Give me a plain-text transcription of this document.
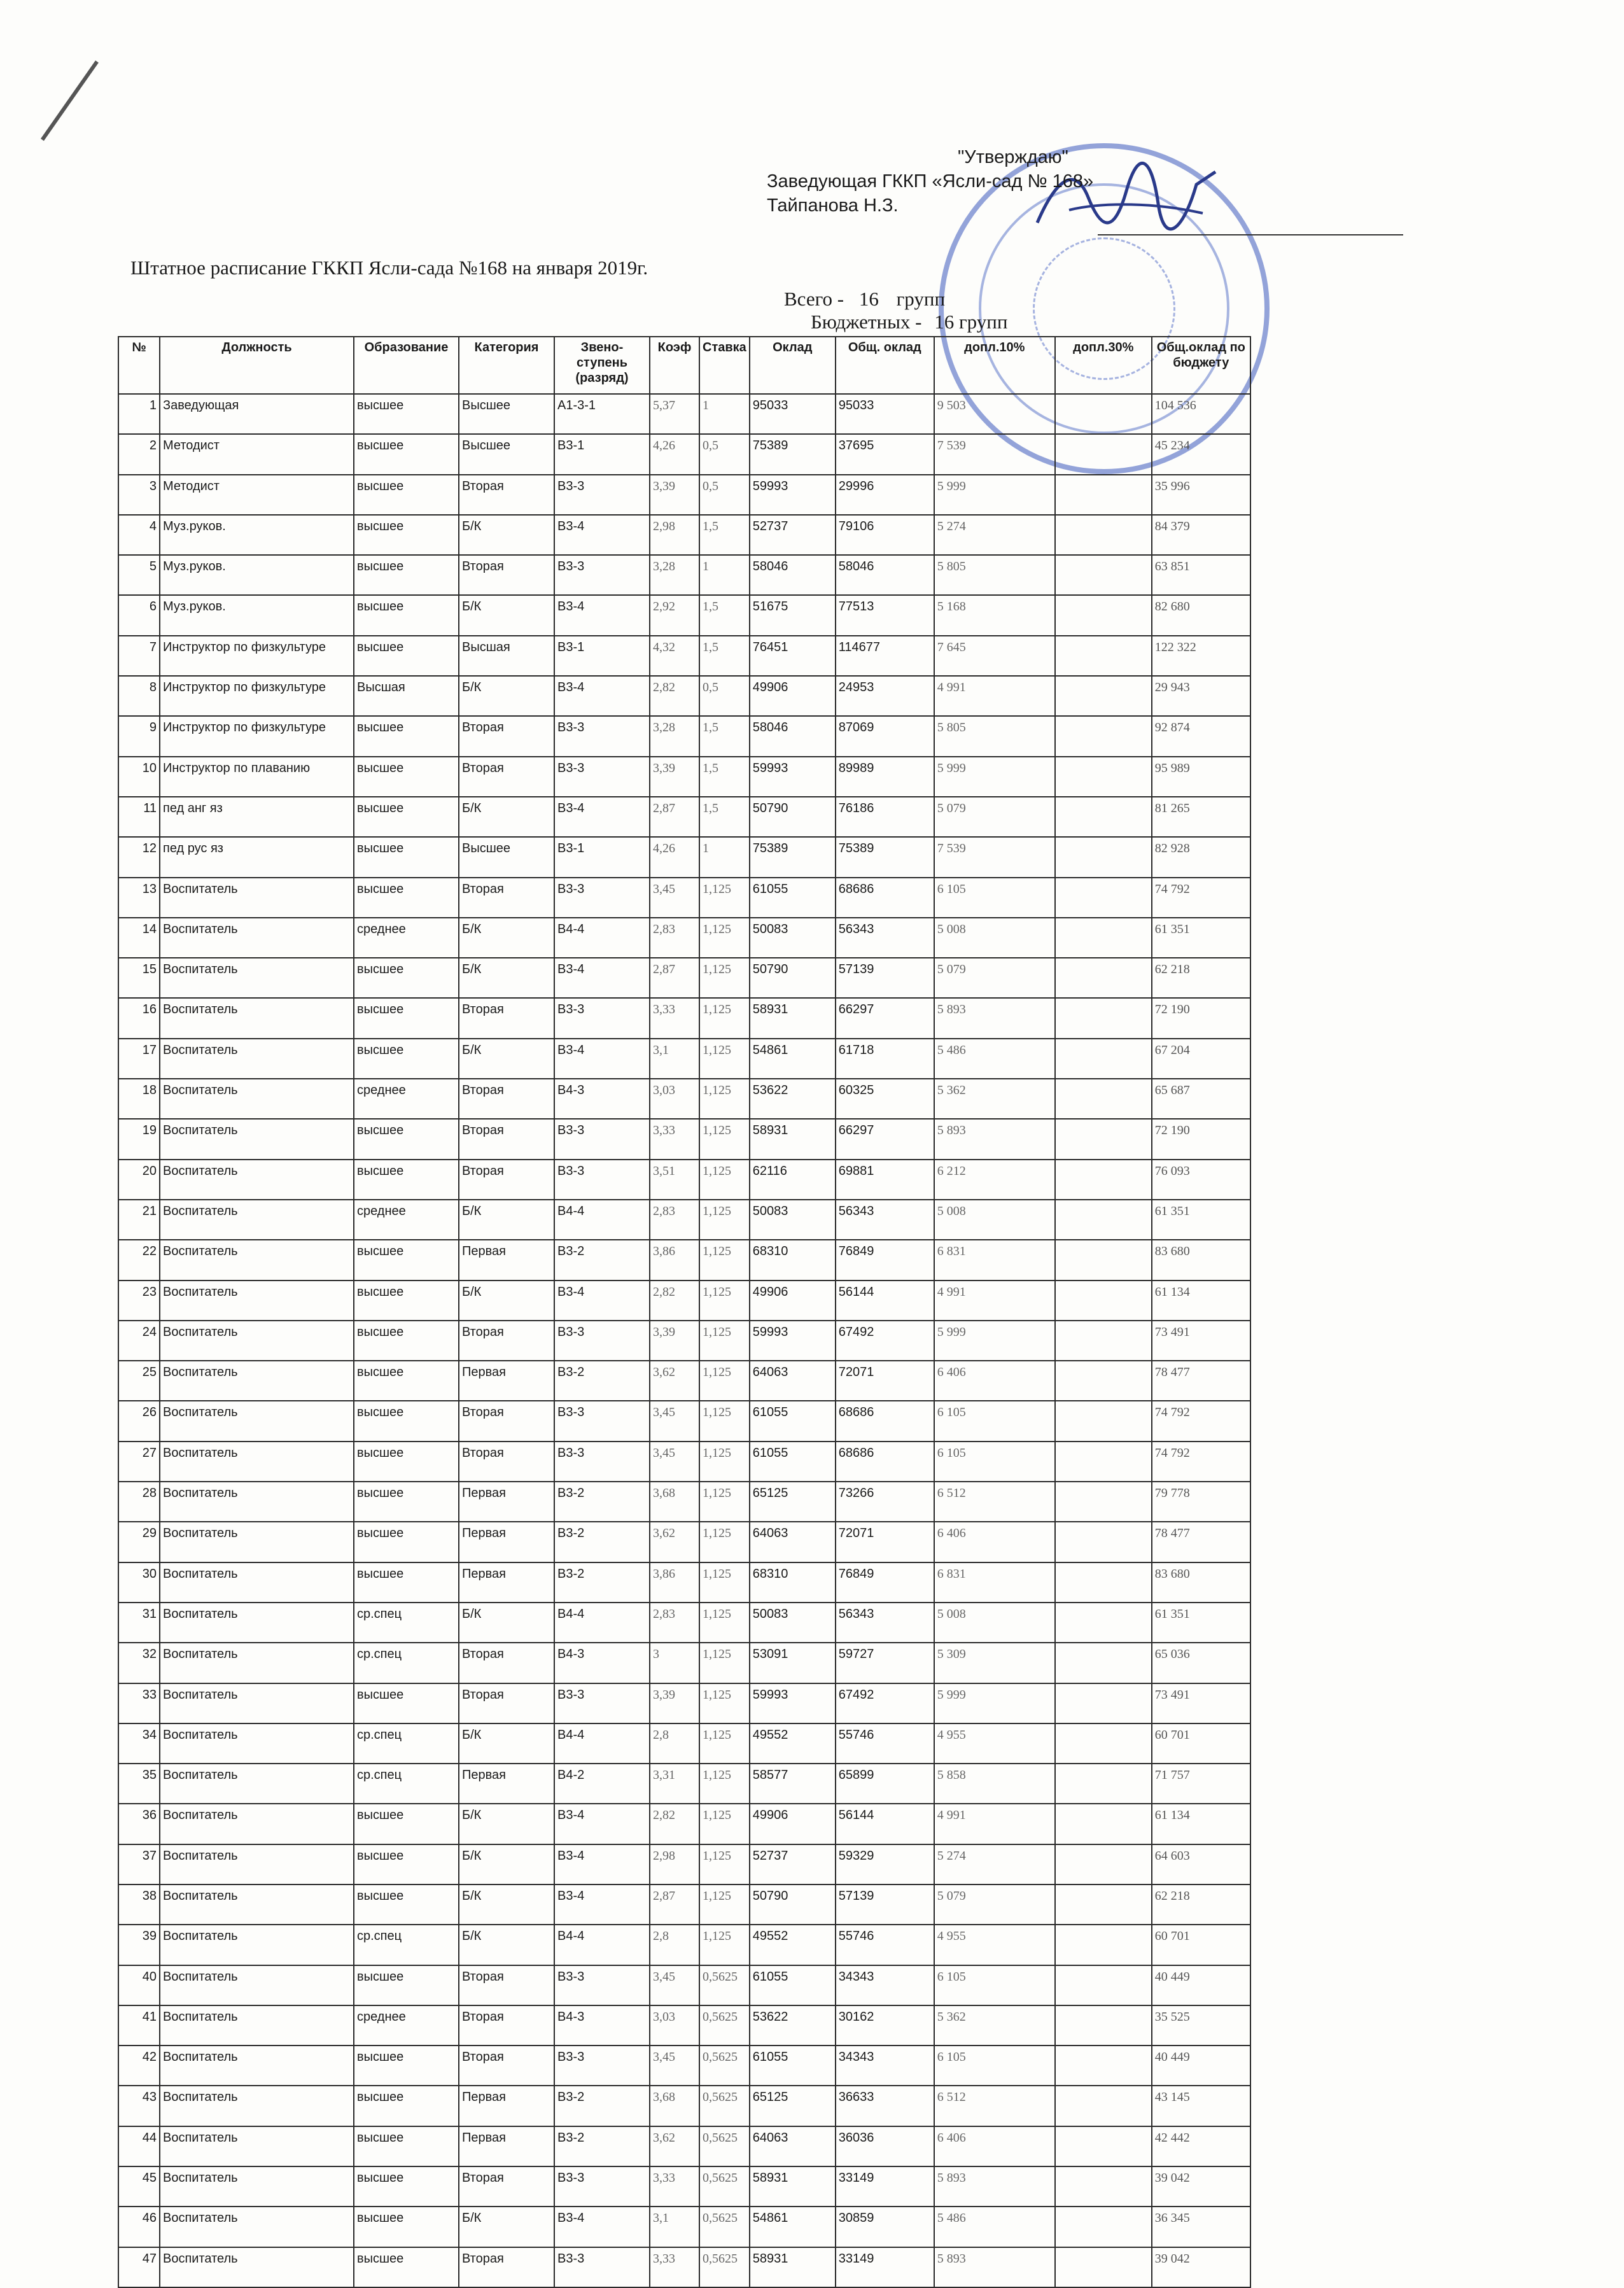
"Утверждаю"
Заведующая ГККП «Ясли-сад № 168»
Тайпанова Н.З.
Штатное расписание ГККП Ясли-сада №168 на января 2019г.
Всего - 16 групп
Бюджетных - 16 групп
№	Должность	Образование	Категория	Звено-ступень (разряд)	Коэф	Ставка	Оклад	Общ. оклад	допл.10%	допл.30%	Общ.оклад по бюджету
1	Заведующая	высшее	Высшее	А1-3-1	5,37	1	95033	95033	9 503		104 536
2	Методист	высшее	Высшее	В3-1	4,26	0,5	75389	37695	7 539		45 234
3	Методист	высшее	Вторая	В3-3	3,39	0,5	59993	29996	5 999		35 996
4	Муз.руков.	высшее	Б/К	В3-4	2,98	1,5	52737	79106	5 274		84 379
5	Муз.руков.	высшее	Вторая	В3-3	3,28	1	58046	58046	5 805		63 851
6	Муз.руков.	высшее	Б/К	В3-4	2,92	1,5	51675	77513	5 168		82 680
7	Инструктор по физкультуре	высшее	Высшая	В3-1	4,32	1,5	76451	114677	7 645		122 322
8	Инструктор по физкультуре	Высшая	Б/К	В3-4	2,82	0,5	49906	24953	4 991		29 943
9	Инструктор по физкультуре	высшее	Вторая	В3-3	3,28	1,5	58046	87069	5 805		92 874
10	Инструктор по плаванию	высшее	Вторая	В3-3	3,39	1,5	59993	89989	5 999		95 989
11	пед анг яз	высшее	Б/К	В3-4	2,87	1,5	50790	76186	5 079		81 265
12	пед рус яз	высшее	Высшее	В3-1	4,26	1	75389	75389	7 539		82 928
13	Воспитатель	высшее	Вторая	В3-3	3,45	1,125	61055	68686	6 105		74 792
14	Воспитатель	среднее	Б/К	В4-4	2,83	1,125	50083	56343	5 008		61 351
15	Воспитатель	высшее	Б/К	В3-4	2,87	1,125	50790	57139	5 079		62 218
16	Воспитатель	высшее	Вторая	В3-3	3,33	1,125	58931	66297	5 893		72 190
17	Воспитатель	высшее	Б/К	В3-4	3,1	1,125	54861	61718	5 486		67 204
18	Воспитатель	среднее	Вторая	В4-3	3,03	1,125	53622	60325	5 362		65 687
19	Воспитатель	высшее	Вторая	В3-3	3,33	1,125	58931	66297	5 893		72 190
20	Воспитатель	высшее	Вторая	В3-3	3,51	1,125	62116	69881	6 212		76 093
21	Воспитатель	среднее	Б/К	В4-4	2,83	1,125	50083	56343	5 008		61 351
22	Воспитатель	высшее	Первая	В3-2	3,86	1,125	68310	76849	6 831		83 680
23	Воспитатель	высшее	Б/К	В3-4	2,82	1,125	49906	56144	4 991		61 134
24	Воспитатель	высшее	Вторая	В3-3	3,39	1,125	59993	67492	5 999		73 491
25	Воспитатель	высшее	Первая	В3-2	3,62	1,125	64063	72071	6 406		78 477
26	Воспитатель	высшее	Вторая	В3-3	3,45	1,125	61055	68686	6 105		74 792
27	Воспитатель	высшее	Вторая	В3-3	3,45	1,125	61055	68686	6 105		74 792
28	Воспитатель	высшее	Первая	В3-2	3,68	1,125	65125	73266	6 512		79 778
29	Воспитатель	высшее	Первая	В3-2	3,62	1,125	64063	72071	6 406		78 477
30	Воспитатель	высшее	Первая	В3-2	3,86	1,125	68310	76849	6 831		83 680
31	Воспитатель	ср.спец	Б/К	В4-4	2,83	1,125	50083	56343	5 008		61 351
32	Воспитатель	ср.спец	Вторая	В4-3	3	1,125	53091	59727	5 309		65 036
33	Воспитатель	высшее	Вторая	В3-3	3,39	1,125	59993	67492	5 999		73 491
34	Воспитатель	ср.спец	Б/К	В4-4	2,8	1,125	49552	55746	4 955		60 701
35	Воспитатель	ср.спец	Первая	В4-2	3,31	1,125	58577	65899	5 858		71 757
36	Воспитатель	высшее	Б/К	В3-4	2,82	1,125	49906	56144	4 991		61 134
37	Воспитатель	высшее	Б/К	В3-4	2,98	1,125	52737	59329	5 274		64 603
38	Воспитатель	высшее	Б/К	В3-4	2,87	1,125	50790	57139	5 079		62 218
39	Воспитатель	ср.спец	Б/К	В4-4	2,8	1,125	49552	55746	4 955		60 701
40	Воспитатель	высшее	Вторая	В3-3	3,45	0,5625	61055	34343	6 105		40 449
41	Воспитатель	среднее	Вторая	В4-3	3,03	0,5625	53622	30162	5 362		35 525
42	Воспитатель	высшее	Вторая	В3-3	3,45	0,5625	61055	34343	6 105		40 449
43	Воспитатель	высшее	Первая	В3-2	3,68	0,5625	65125	36633	6 512		43 145
44	Воспитатель	высшее	Первая	В3-2	3,62	0,5625	64063	36036	6 406		42 442
45	Воспитатель	высшее	Вторая	В3-3	3,33	0,5625	58931	33149	5 893		39 042
46	Воспитатель	высшее	Б/К	В3-4	3,1	0,5625	54861	30859	5 486		36 345
47	Воспитатель	высшее	Вторая	В3-3	3,33	0,5625	58931	33149	5 893		39 042
